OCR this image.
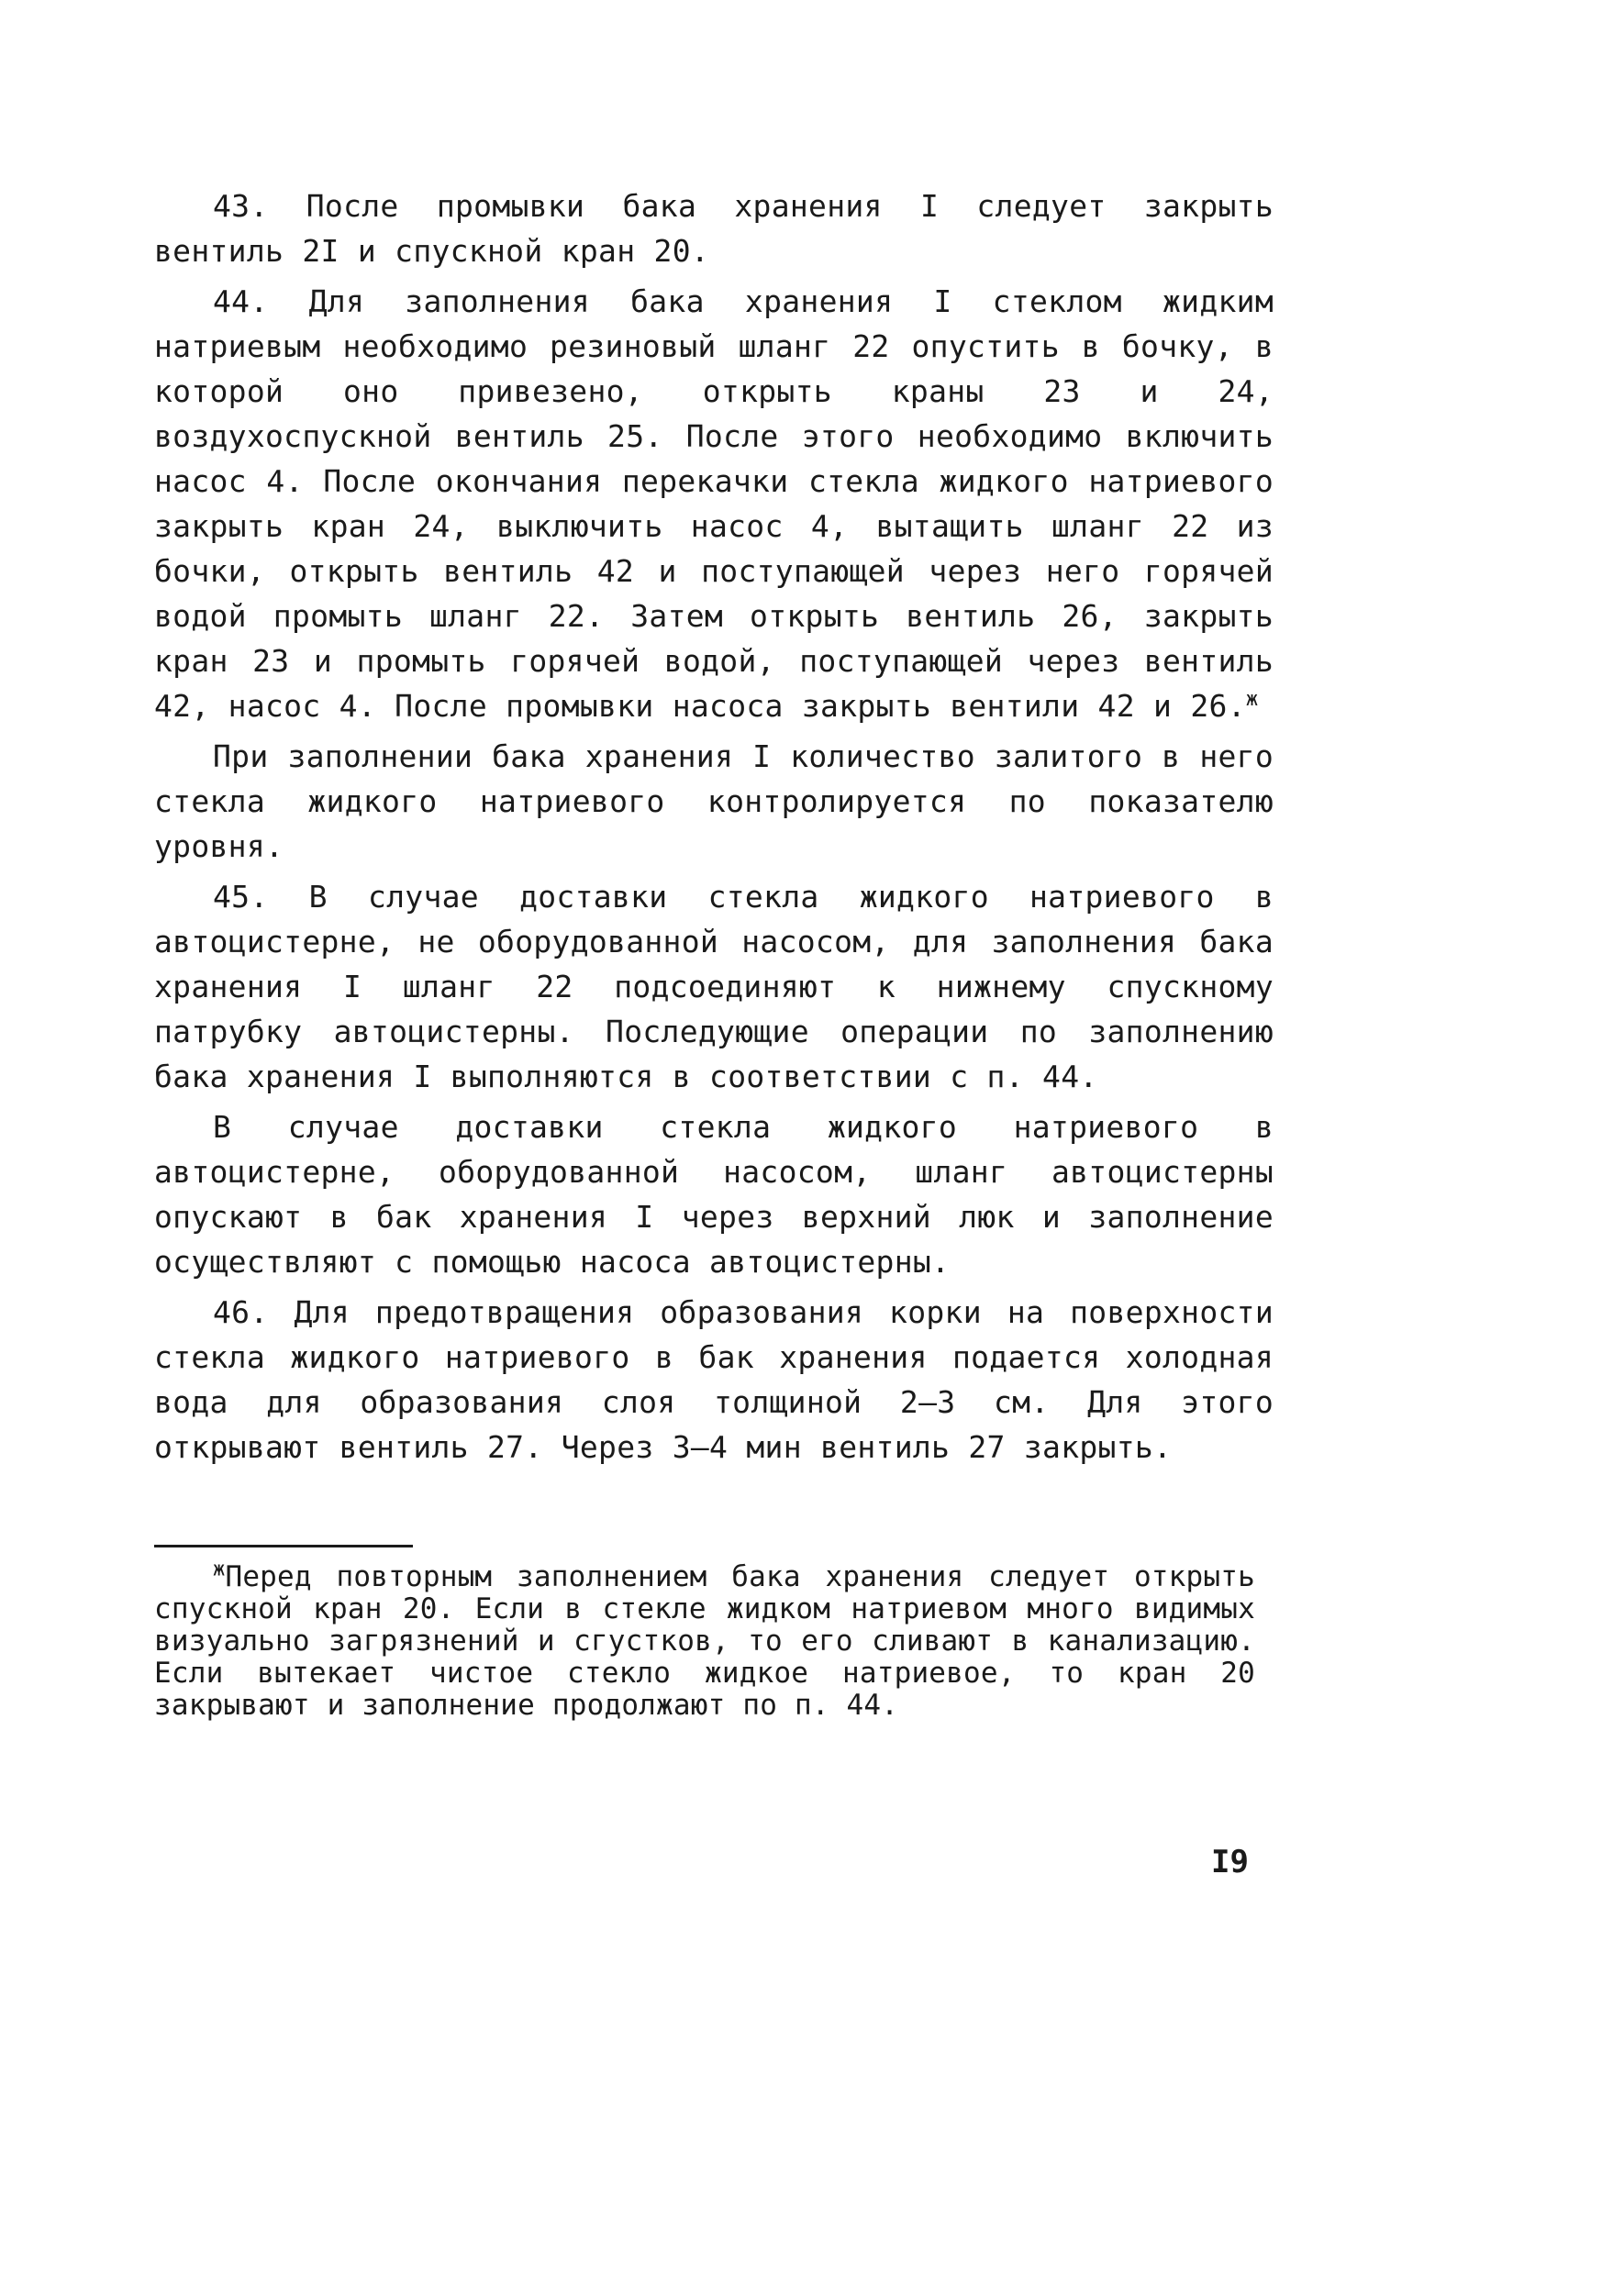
43. После промывки бака хранения I следует закрыть вентиль 2I и спускной кран 20.

44. Для заполнения бака хранения I стеклом жидким натриевым необходимо резиновый шланг 22 опустить в бочку, в которой оно привезено, открыть краны 23 и 24, воздухоспускной вентиль 25. После этого необходимо включить насос 4. После окончания перекачки стекла жидкого натриевого закрыть кран 24, выключить насос 4, вытащить шланг 22 из бочки, открыть вентиль 42 и поступающей через него горячей водой промыть шланг 22. Затем открыть вентиль 26, закрыть кран 23 и промыть горячей водой, поступающей через вентиль 42, насос 4. После промывки насоса закрыть вентили 42 и 26.$^ж$

При заполнении бака хранения I количество залитого в него стекла жидкого натриевого контролируется по показателю уровня.

45. В случае доставки стекла жидкого натриевого в автоцистерне, не оборудованной насосом, для заполнения бака хранения I шланг 22 подсоединяют к нижнему спускному патрубку автоцистерны. Последующие операции по заполнению бака хранения I выполняются в соответствии с п. 44.

В случае доставки стекла жидкого натриевого в автоцистерне, оборудованной насосом, шланг автоцистерны опускают в бак хранения I через верхний люк и заполнение осуществляют с помощью насоса автоцистерны.

46. Для предотвращения образования корки на поверхности стекла жидкого натриевого в бак хранения подается холодная вода для образования слоя толщиной 2–3 см. Для этого открывают вентиль 27. Через 3–4 мин вентиль 27 закрыть.

$^ж$Перед повторным заполнением бака хранения следует открыть спускной кран 20. Если в стекле жидком натриевом много видимых визуально загрязнений и сгустков, то его сливают в канализацию. Если вытекает чистое стекло жидкое натриевое, то кран 20 закрывают и заполнение продолжают по п. 44.

I9
